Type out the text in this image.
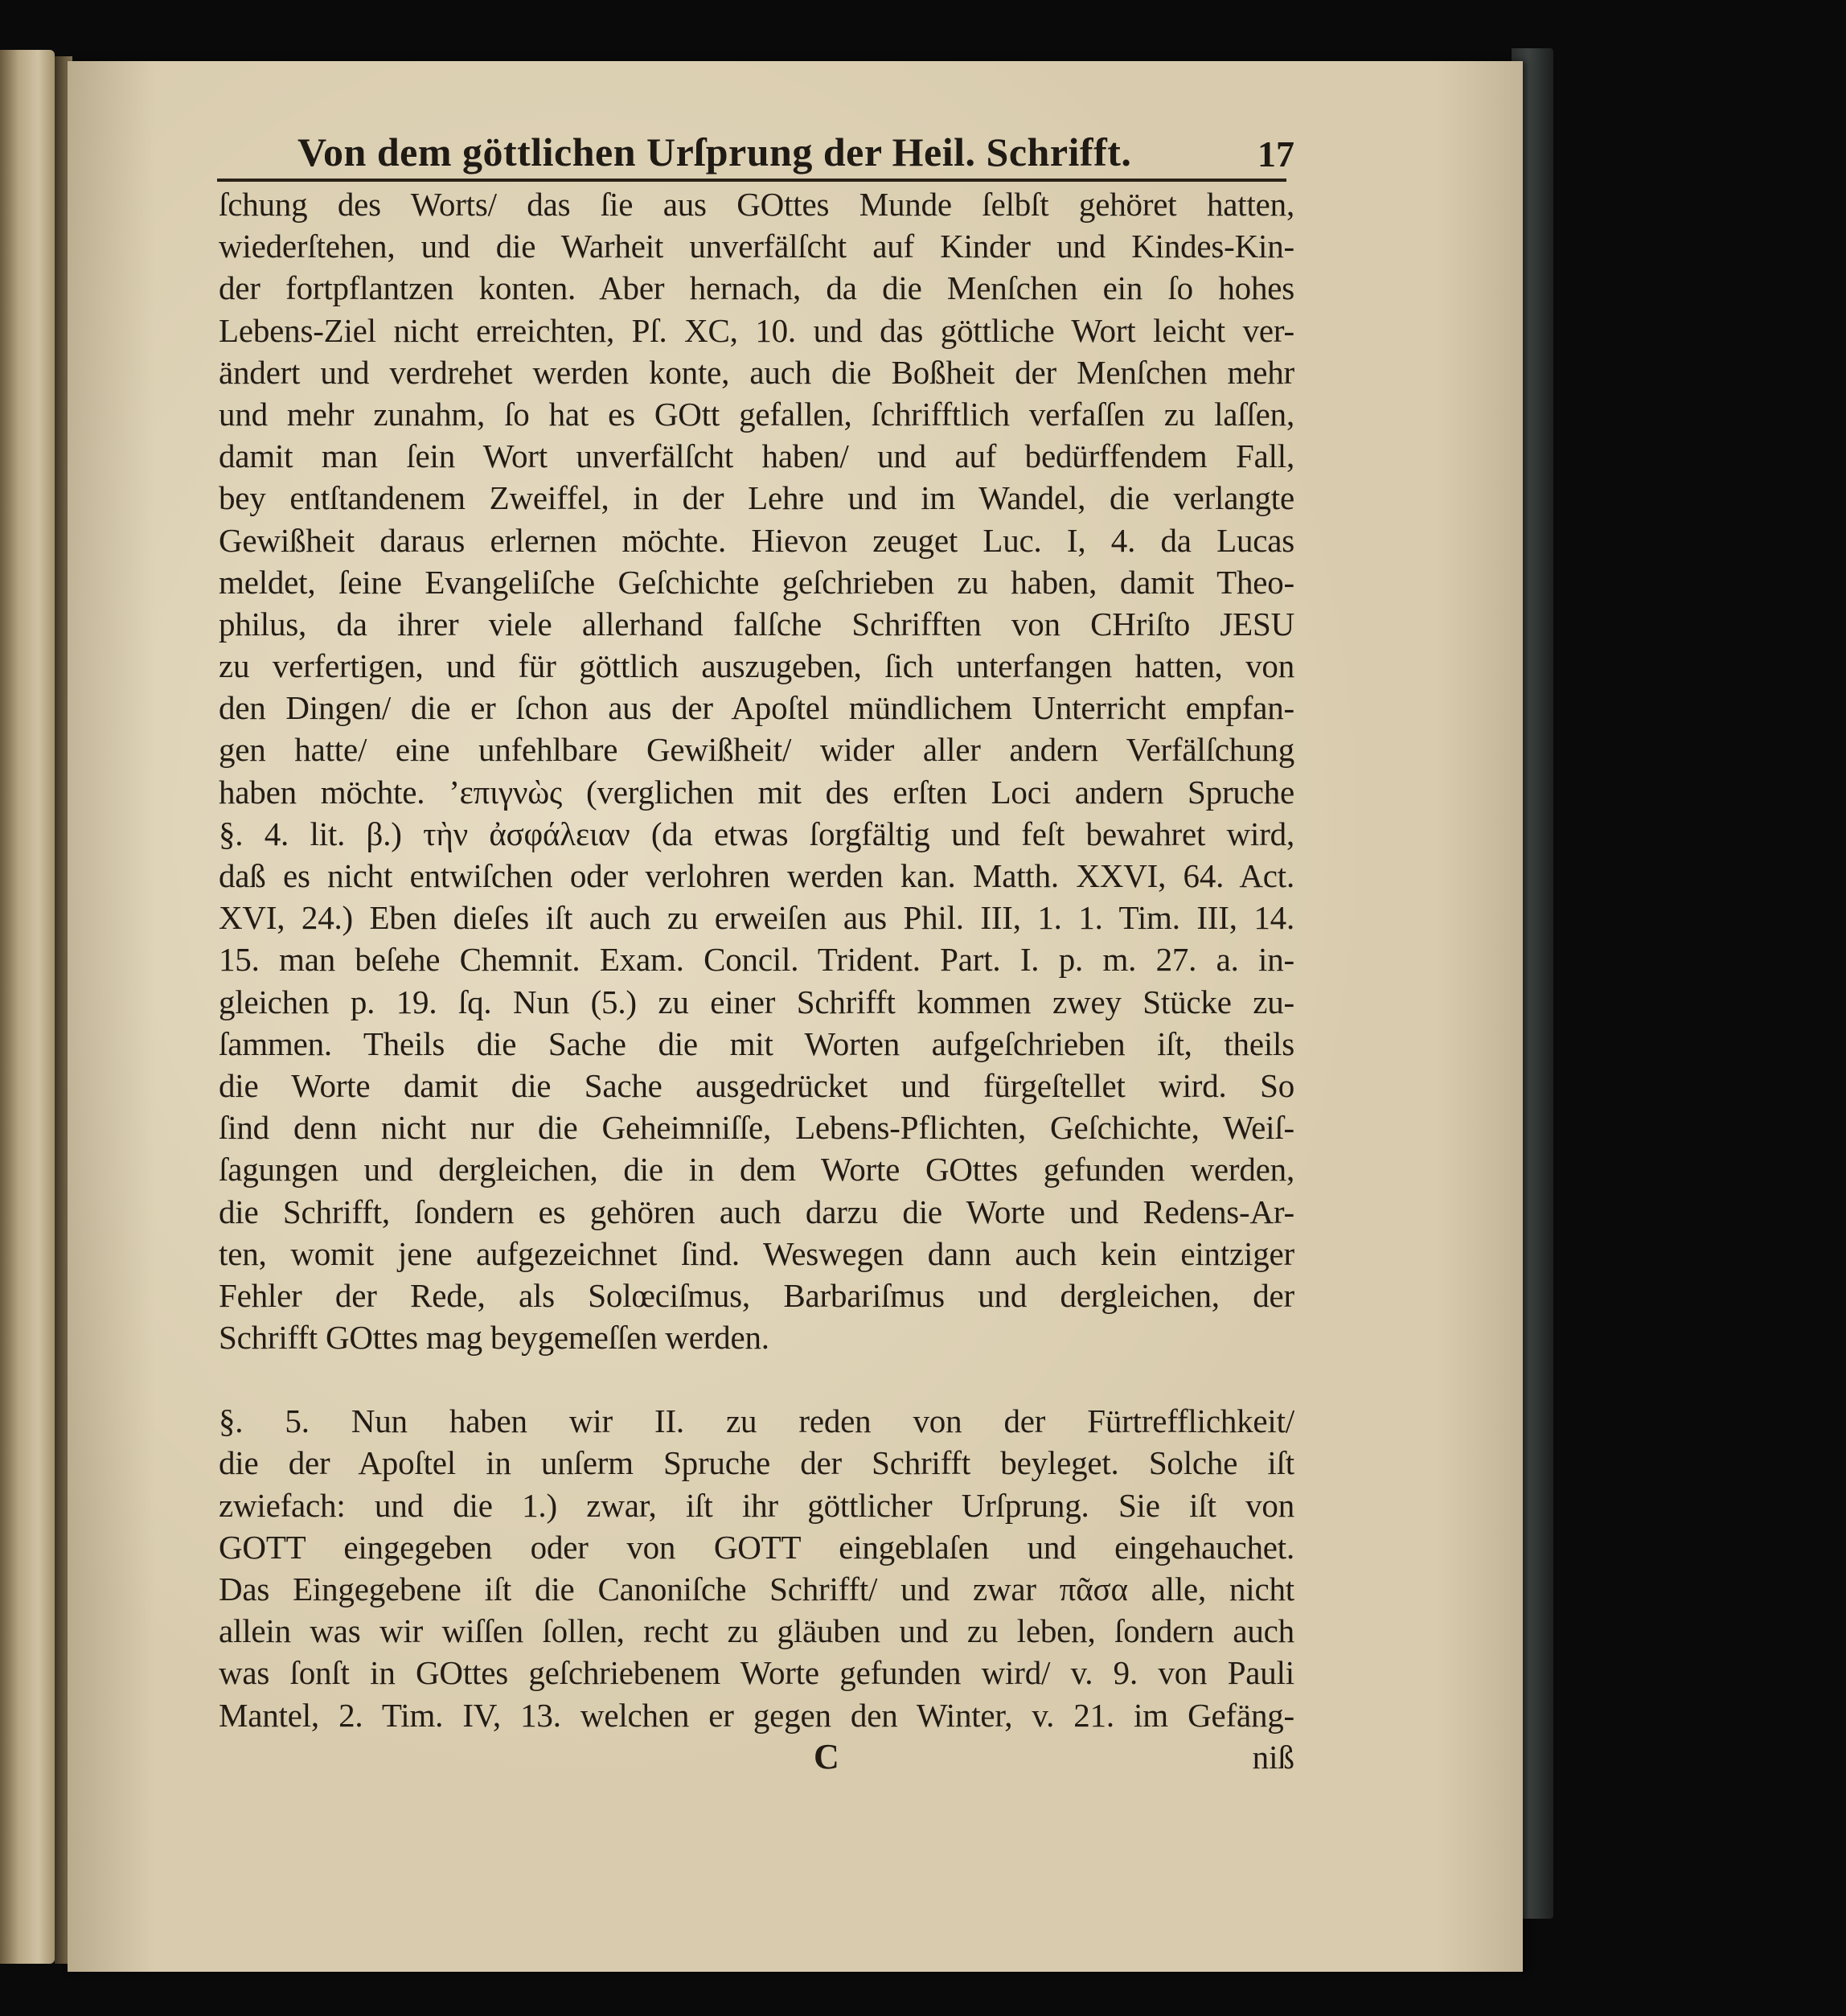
Von dem göttlichen Urſprung der Heil. Schrifft.	17
ſchung des Worts/ das ſie aus GOttes Munde ſelbſt gehöret hatten,
wiederſtehen, und die Warheit unverfälſcht auf Kinder und Kindes-Kin-
der fortpflantzen konten. Aber hernach, da die Menſchen ein ſo hohes
Lebens-Ziel nicht erreichten, Pſ. XC, 10. und das göttliche Wort leicht ver-
ändert und verdrehet werden konte, auch die Boßheit der Menſchen mehr
und mehr zunahm, ſo hat es GOtt gefallen, ſchrifftlich verfaſſen zu laſſen,
damit man ſein Wort unverfälſcht haben/ und auf bedürffendem Fall,
bey entſtandenem Zweiffel, in der Lehre und im Wandel, die verlangte
Gewißheit daraus erlernen möchte. Hievon zeuget Luc. I, 4. da Lucas
meldet, ſeine Evangeliſche Geſchichte geſchrieben zu haben, damit Theo-
philus, da ihrer viele allerhand falſche Schrifften von CHriſto JESU
zu verfertigen, und für göttlich auszugeben, ſich unterfangen hatten, von
den Dingen/ die er ſchon aus der Apoſtel mündlichem Unterricht empfan-
gen hatte/ eine unfehlbare Gewißheit/ wider aller andern Verfälſchung
haben möchte. ’επιγνὼς (verglichen mit des erſten Loci andern Spruche
§. 4. lit. β.) τὴν ἀσφάλειαν (da etwas ſorgfältig und feſt bewahret wird,
daß es nicht entwiſchen oder verlohren werden kan. Matth. XXVI, 64. Act.
XVI, 24.) Eben dieſes iſt auch zu erweiſen aus Phil. III, 1. 1. Tim. III, 14.
15. man beſehe Chemnit. Exam. Concil. Trident. Part. I. p. m. 27. a. in-
gleichen p. 19. ſq. Nun (5.) zu einer Schrifft kommen zwey Stücke zu-
ſammen. Theils die Sache die mit Worten aufgeſchrieben iſt, theils
die Worte damit die Sache ausgedrücket und fürgeſtellet wird. So
ſind denn nicht nur die Geheimniſſe, Lebens-Pflichten, Geſchichte, Weiſ-
ſagungen und dergleichen, die in dem Worte GOttes gefunden werden,
die Schrifft, ſondern es gehören auch darzu die Worte und Redens-Ar-
ten, womit jene aufgezeichnet ſind. Weswegen dann auch kein eintziger
Fehler der Rede, als Solœciſmus, Barbariſmus und dergleichen, der
Schrifft GOttes mag beygemeſſen werden.
§. 5. Nun haben wir II. zu reden von der Fürtrefflichkeit/
die der Apoſtel in unſerm Spruche der Schrifft beyleget. Solche iſt
zwiefach: und die 1.) zwar, iſt ihr göttlicher Urſprung. Sie iſt von
GOTT eingegeben oder von GOTT eingeblaſen und eingehauchet.
Das Eingegebene iſt die Canoniſche Schrifft/ und zwar πᾶσα alle, nicht
allein was wir wiſſen ſollen, recht zu gläuben und zu leben, ſondern auch
was ſonſt in GOttes geſchriebenem Worte gefunden wird/ v. 9. von Pauli
Mantel, 2. Tim. IV, 13. welchen er gegen den Winter, v. 21. im Gefäng-
C	niß
